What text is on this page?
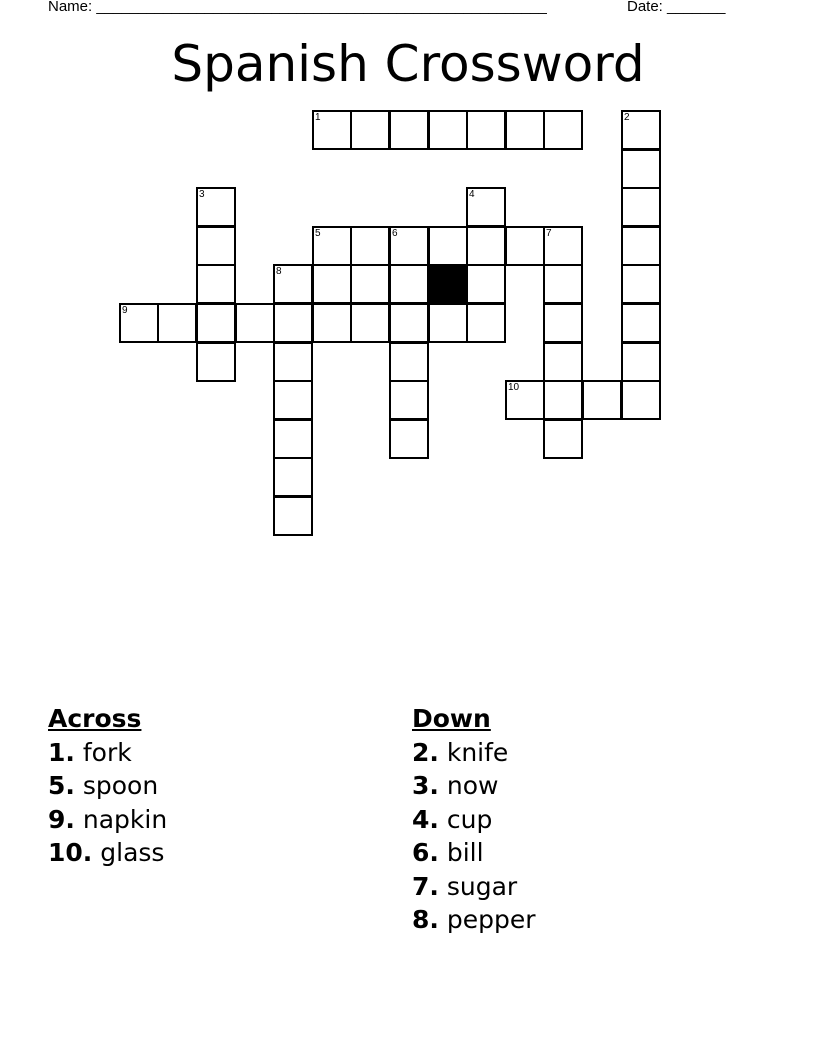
Name: ______________________________________________________	Date: _______
Spanish Crossword
1	2
3	4
5	6	7
8
9
10
Across
1. fork
5. spoon
9. napkin
10. glass
Down
2. knife
3. now
4. cup
6. bill
7. sugar
8. pepper
